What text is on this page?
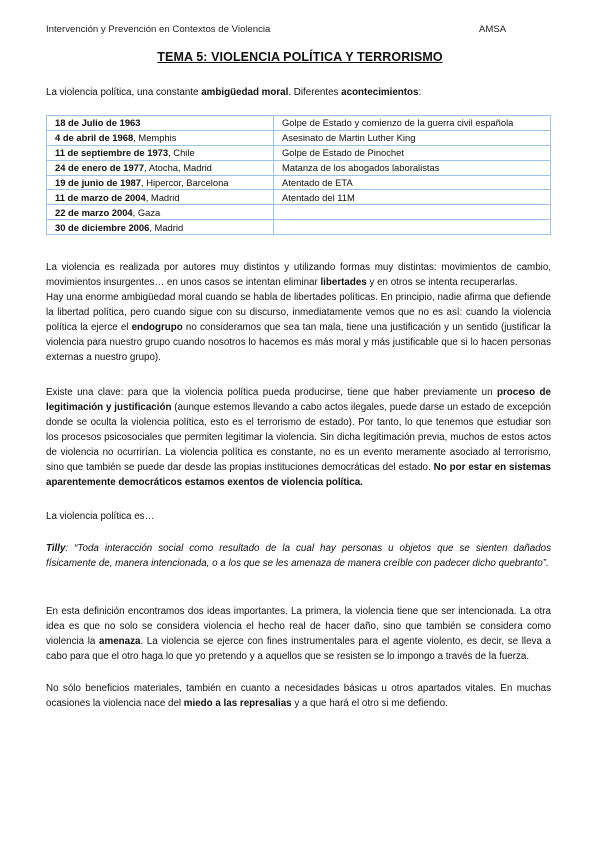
Intervención y Prevención en Contextos de Violencia	AMSA
TEMA 5: VIOLENCIA POLÍTICA Y TERRORISMO
La violencia política, una constante ambigüedad moral. Diferentes acontecimientos:
18 de Julio de 1963	Golpe de Estado y comienzo de la guerra civil española
4 de abril de 1968, Memphis	Asesinato de Martin Luther King
11 de septiembre de 1973, Chile	Golpe de Estado de Pinochet
24 de enero de 1977, Atocha, Madrid	Matanza de los abogados laboralistas
19 de junio de 1987, Hipercor, Barcelona	Atentado de ETA
11 de marzo de 2004, Madrid	Atentado del 11M
22 de marzo 2004, Gaza	
30 de diciembre 2006, Madrid	

La violencia es realizada por autores muy distintos y utilizando formas muy distintas: movimientos de cambio, movimientos insurgentes… en unos casos se intentan eliminar libertades y en otros se intenta recuperarlas.

Hay una enorme ambigüedad moral cuando se habla de libertades políticas. En principio, nadie afirma que defiende la libertad política, pero cuando sigue con su discurso, inmediatamente vemos que no es así: cuando la violencia política la ejerce el endogrupo no consideramos que sea tan mala, tiene una justificación y un sentido (justificar la violencia para nuestro grupo cuando nosotros lo hacemos es más moral y más justificable que si lo hacen personas externas a nuestro grupo).

Existe una clave: para que la violencia política pueda producirse, tiene que haber previamente un proceso de legitimación y justificación (aunque estemos llevando a cabo actos ilegales, puede darse un estado de excepción donde se oculta la violencia política, esto es el terrorismo de estado). Por tanto, lo que tenemos que estudiar son los procesos psicosociales que permiten legitimar la violencia. Sin dicha legitimación previa, muchos de estos actos de violencia no ocurrirían. La violencia política es constante, no es un evento meramente asociado al terrorismo, sino que también se puede dar desde las propias instituciones democráticas del estado. No por estar en sistemas aparentemente democráticos estamos exentos de violencia política.

La violencia política es…

Tilly: “Toda interacción social como resultado de la cual hay personas u objetos que se sienten dañados físicamente de, manera intencionada, o a los que se les amenaza de manera creíble con padecer dicho quebranto”.

En esta definición encontramos dos ideas importantes. La primera, la violencia tiene que ser intencionada. La otra idea es que no solo se considera violencia el hecho real de hacer daño, sino que también se considera como violencia la amenaza. La violencia se ejerce con fines instrumentales para el agente violento, es decir, se lleva a cabo para que el otro haga lo que yo pretendo y a aquellos que se resisten se lo impongo a través de la fuerza.

No sólo beneficios materiales, también en cuanto a necesidades básicas u otros apartados vitales. En muchas ocasiones la violencia nace del miedo a las represalias y a que hará el otro si me defiendo.
